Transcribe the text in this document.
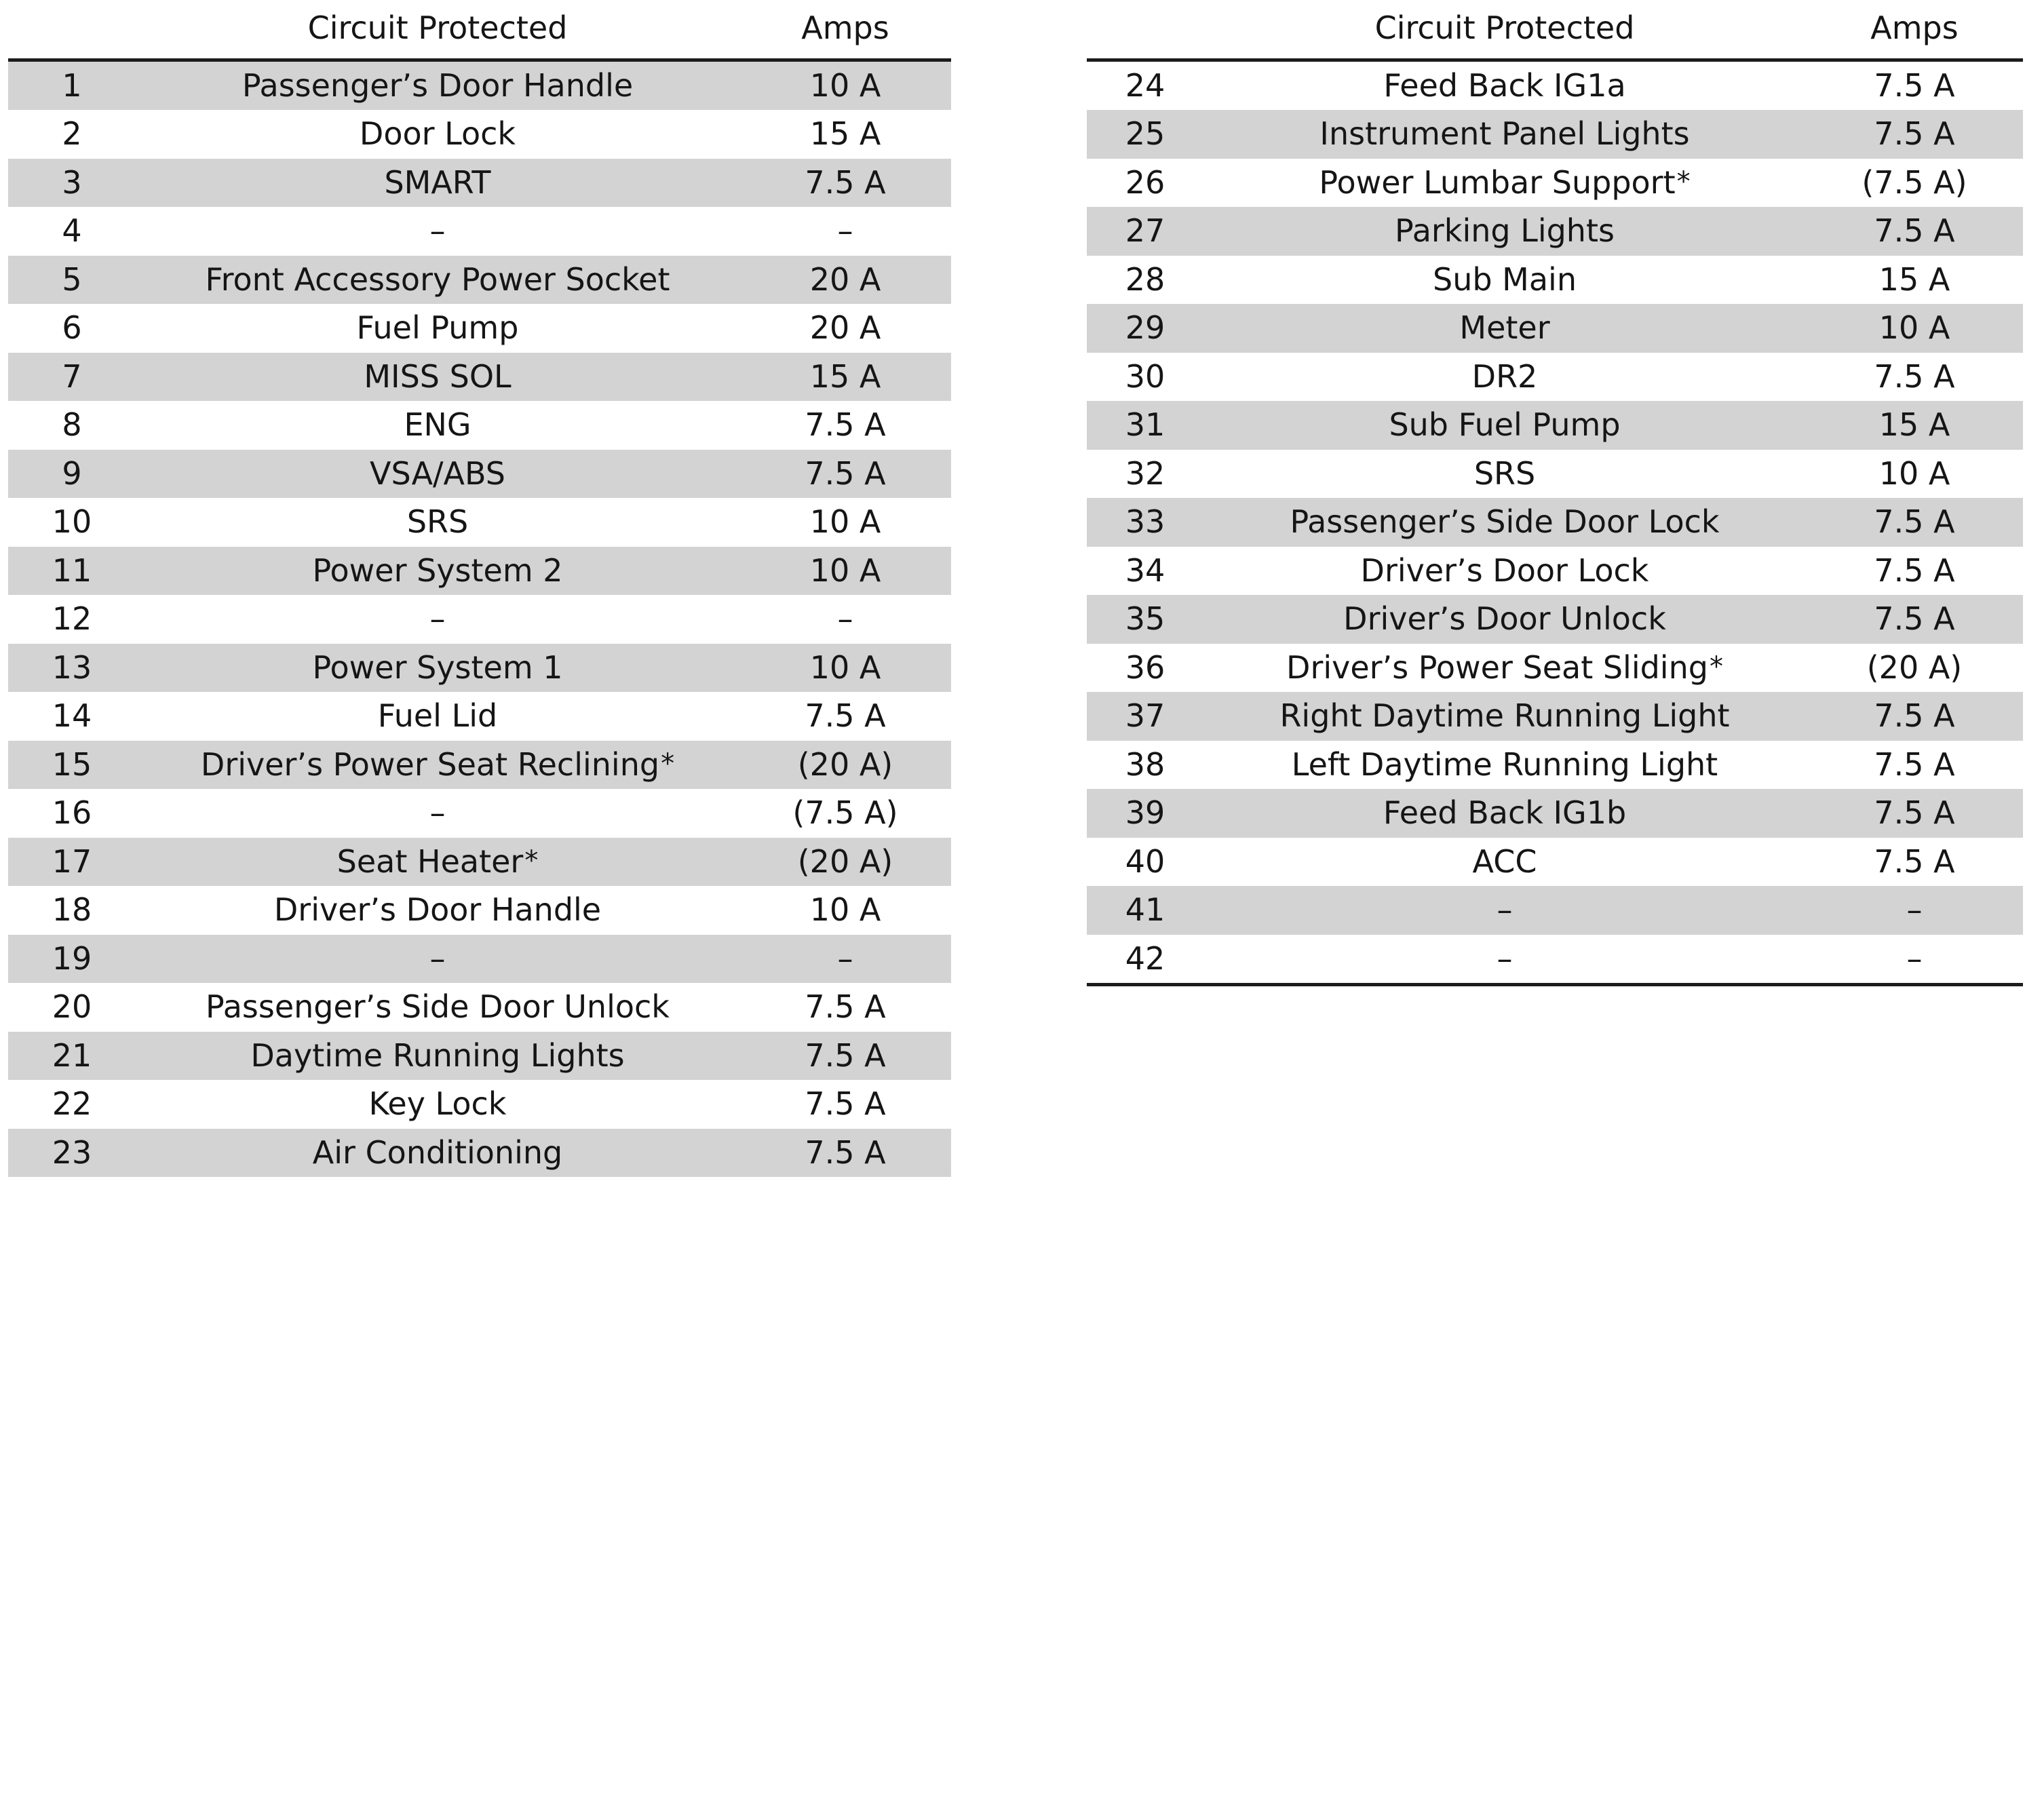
	Circuit Protected	Amps
1	Passenger’s Door Handle	10 A
2	Door Lock	15 A
3	SMART	7.5 A
4	–	–
5	Front Accessory Power Socket	20 A
6	Fuel Pump	20 A
7	MISS SOL	15 A
8	ENG	7.5 A
9	VSA/ABS	7.5 A
10	SRS	10 A
11	Power System 2	10 A
12	–	–
13	Power System 1	10 A
14	Fuel Lid	7.5 A
15	Driver’s Power Seat Reclining*	(20 A)
16	–	(7.5 A)
17	Seat Heater*	(20 A)
18	Driver’s Door Handle	10 A
19	–	–
20	Passenger’s Side Door Unlock	7.5 A
21	Daytime Running Lights	7.5 A
22	Key Lock	7.5 A
23	Air Conditioning	7.5 A
	Circuit Protected	Amps
24	Feed Back IG1a	7.5 A
25	Instrument Panel Lights	7.5 A
26	Power Lumbar Support*	(7.5 A)
27	Parking Lights	7.5 A
28	Sub Main	15 A
29	Meter	10 A
30	DR2	7.5 A
31	Sub Fuel Pump	15 A
32	SRS	10 A
33	Passenger’s Side Door Lock	7.5 A
34	Driver’s Door Lock	7.5 A
35	Driver’s Door Unlock	7.5 A
36	Driver’s Power Seat Sliding*	(20 A)
37	Right Daytime Running Light	7.5 A
38	Left Daytime Running Light	7.5 A
39	Feed Back IG1b	7.5 A
40	ACC	7.5 A
41	–	–
42	–	–
